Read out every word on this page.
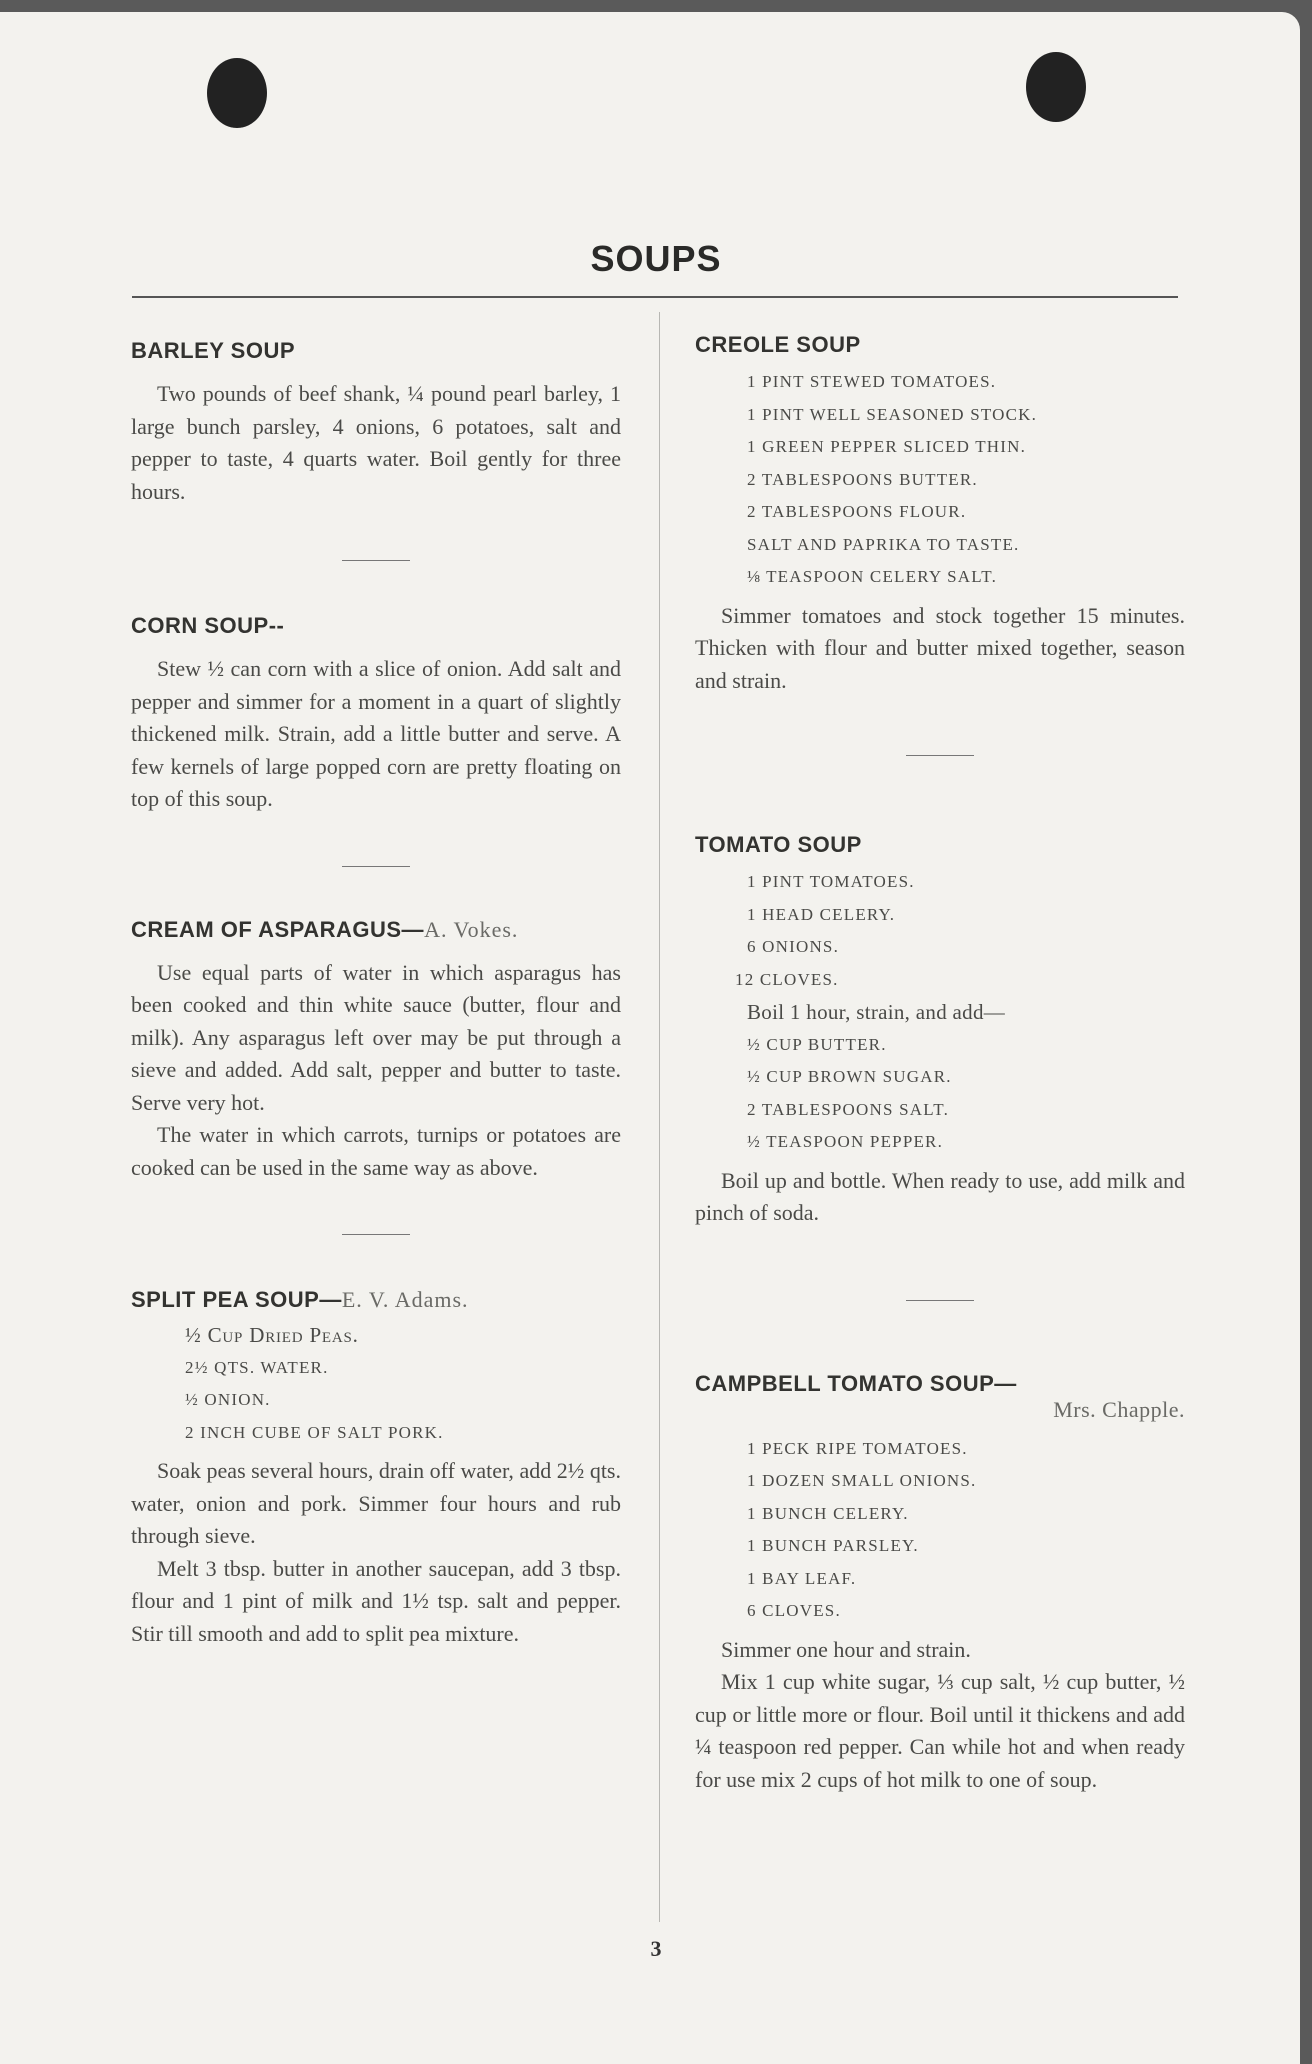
SOUPS
BARLEY SOUP

Two pounds of beef shank, ¼ pound pearl barley, 1 large bunch parsley, 4 onions, 6 potatoes, salt and pepper to taste, 4 quarts water. Boil gently for three hours.

CORN SOUP--

Stew ½ can corn with a slice of onion. Add salt and pepper and simmer for a moment in a quart of slightly thickened milk. Strain, add a little butter and serve. A few kernels of large popped corn are pretty floating on top of this soup.

CREAM OF ASPARAGUS—A. Vokes.

Use equal parts of water in which asparagus has been cooked and thin white sauce (butter, flour and milk). Any asparagus left over may be put through a sieve and added. Add salt, pepper and butter to taste. Serve very hot.

The water in which carrots, turnips or potatoes are cooked can be used in the same way as above.

SPLIT PEA SOUP—E. V. Adams.
½ Cup Dried Peas.
2½ QTS. WATER.
½ ONION.
2 INCH CUBE OF SALT PORK.

Soak peas several hours, drain off water, add 2½ qts. water, onion and pork. Simmer four hours and rub through sieve.

Melt 3 tbsp. butter in another saucepan, add 3 tbsp. flour and 1 pint of milk and 1½ tsp. salt and pepper. Stir till smooth and add to split pea mixture.

CREOLE SOUP
1 PINT STEWED TOMATOES.
1 PINT WELL SEASONED STOCK.
1 GREEN PEPPER SLICED THIN.
2 TABLESPOONS BUTTER.
2 TABLESPOONS FLOUR.
SALT AND PAPRIKA TO TASTE.
⅛ TEASPOON CELERY SALT.

Simmer tomatoes and stock together 15 minutes. Thicken with flour and butter mixed together, season and strain.

TOMATO SOUP
1 PINT TOMATOES.
1 HEAD CELERY.
6 ONIONS.
12 CLOVES.
Boil 1 hour, strain, and add—
½ CUP BUTTER.
½ CUP BROWN SUGAR.
2 TABLESPOONS SALT.
½ TEASPOON PEPPER.

Boil up and bottle. When ready to use, add milk and pinch of soda.

CAMPBELL TOMATO SOUP—
Mrs. Chapple.
1 PECK RIPE TOMATOES.
1 DOZEN SMALL ONIONS.
1 BUNCH CELERY.
1 BUNCH PARSLEY.
1 BAY LEAF.
6 CLOVES.

Simmer one hour and strain.

Mix 1 cup white sugar, ⅓ cup salt, ½ cup butter, ½ cup or little more or flour. Boil until it thickens and add ¼ teaspoon red pepper. Can while hot and when ready for use mix 2 cups of hot milk to one of soup.

3
